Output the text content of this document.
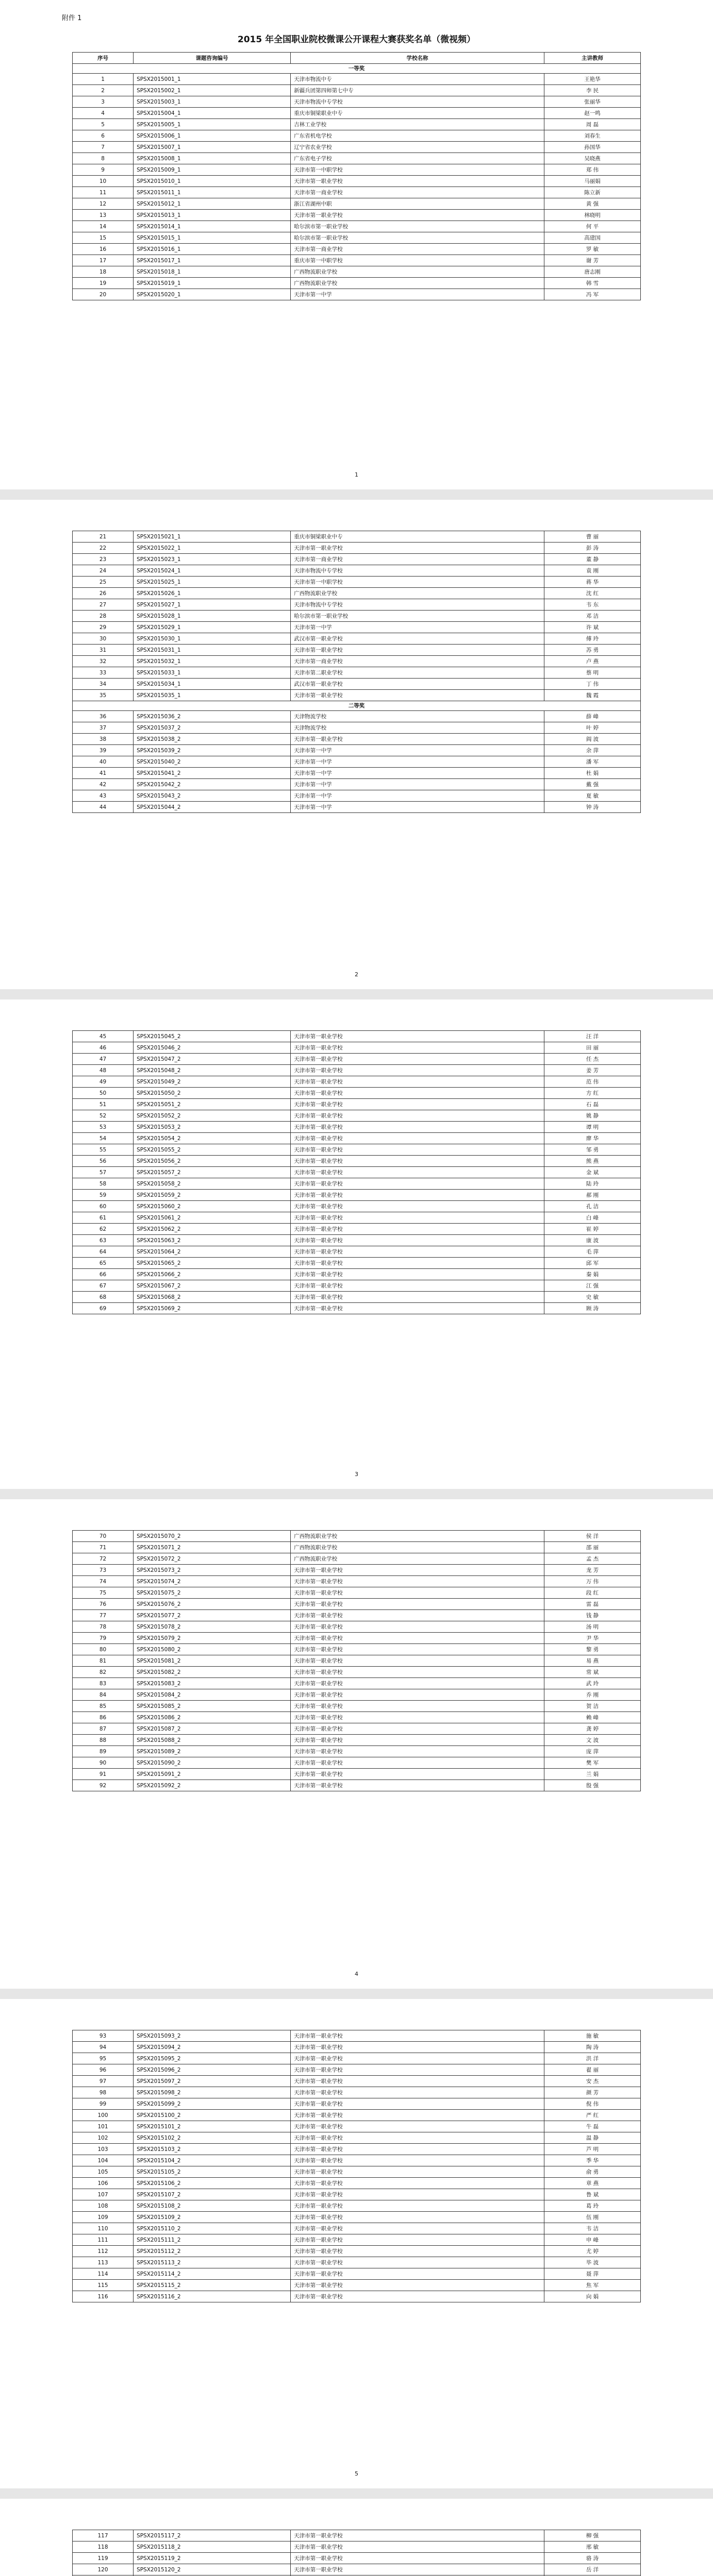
附件 1
2015 年全国职业院校微课公开课程大赛获奖名单（微视频）
序号	课题咨询编号	学校名称	主讲教师	
一等奖				
1	SPSX2015001_1	天津市物流中专	王艳华	
2	SPSX2015002_1	新疆兵团第四师第七中专	李 民	
3	SPSX2015003_1	天津市物流中专学校	张丽华	
4	SPSX2015004_1	重庆市铜梁职业中专	赵一鸣	
5	SPSX2015005_1	吉林工业学校	周 磊	
6	SPSX2015006_1	广东省机电学校	刘春生	
7	SPSX2015007_1	辽宁省农业学校	孙国华	
8	SPSX2015008_1	广东省电子学校	吴晓燕	
9	SPSX2015009_1	天津市第一中职学校	郑 伟	
10	SPSX2015010_1	天津市第一职业学校	马丽娟	
11	SPSX2015011_1	天津市第一商业学校	陈立新	
12	SPSX2015012_1	浙江省湖州中职	黄 强	
13	SPSX2015013_1	天津市第一职业学校	林晓明	
14	SPSX2015014_1	哈尔滨市第一职业学校	何 平	
15	SPSX2015015_1	哈尔滨市第一职业学校	高建国	
16	SPSX2015016_1	天津市第一商业学校	罗 敏	
17	SPSX2015017_1	重庆市第一中职学校	谢 芳	
18	SPSX2015018_1	广西物流职业学校	唐志刚	
19	SPSX2015019_1	广西物流职业学校	韩 雪	
20	SPSX2015020_1	天津市第一中学	冯 军	
1
21	SPSX2015021_1	重庆市铜梁职业中专	曹 丽	
22	SPSX2015022_1	天津市第一职业学校	彭 涛	
23	SPSX2015023_1	天津市第一商业学校	董 静	
24	SPSX2015024_1	天津市物流中专学校	袁 刚	
25	SPSX2015025_1	天津市第一中职学校	蒋 华	
26	SPSX2015026_1	广西物流职业学校	沈 红	
27	SPSX2015027_1	天津市物流中专学校	韦 东	
28	SPSX2015028_1	哈尔滨市第一职业学校	邓 洁	
29	SPSX2015029_1	天津市第一中学	许 斌	
30	SPSX2015030_1	武汉市第一职业学校	傅 玲	
31	SPSX2015031_1	天津市第一职业学校	苏 勇	
32	SPSX2015032_1	天津市第一商业学校	卢 燕	
33	SPSX2015033_1	天津市第二职业学校	蔡 明	
34	SPSX2015034_1	武汉市第一职业学校	丁 伟	
35	SPSX2015035_1	天津市第一职业学校	魏 霞	
二等奖				
36	SPSX2015036_2	天津物流学校	薛 峰	
37	SPSX2015037_2	天津物流学校	叶 婷	
38	SPSX2015038_2	天津市第一职业学校	阎 波	
39	SPSX2015039_2	天津市第一中学	余 萍	
40	SPSX2015040_2	天津市第一中学	潘 军	
41	SPSX2015041_2	天津市第一中学	杜 娟	
42	SPSX2015042_2	天津市第一中学	戴 强	
43	SPSX2015043_2	天津市第一中学	夏 敏	
44	SPSX2015044_2	天津市第一中学	钟 涛	
2
45	SPSX2015045_2	天津市第一职业学校	汪 洋	
46	SPSX2015046_2	天津市第一职业学校	田 丽	
47	SPSX2015047_2	天津市第一职业学校	任 杰	
48	SPSX2015048_2	天津市第一职业学校	姜 芳	
49	SPSX2015049_2	天津市第一职业学校	范 伟	
50	SPSX2015050_2	天津市第一职业学校	方 红	
51	SPSX2015051_2	天津市第一职业学校	石 磊	
52	SPSX2015052_2	天津市第一职业学校	姚 静	
53	SPSX2015053_2	天津市第一职业学校	谭 明	
54	SPSX2015054_2	天津市第一职业学校	廖 华	
55	SPSX2015055_2	天津市第一职业学校	邹 勇	
56	SPSX2015056_2	天津市第一职业学校	熊 燕	
57	SPSX2015057_2	天津市第一职业学校	金 斌	
58	SPSX2015058_2	天津市第一职业学校	陆 玲	
59	SPSX2015059_2	天津市第一职业学校	郝 刚	
60	SPSX2015060_2	天津市第一职业学校	孔 洁	
61	SPSX2015061_2	天津市第一职业学校	白 峰	
62	SPSX2015062_2	天津市第一职业学校	崔 婷	
63	SPSX2015063_2	天津市第一职业学校	康 波	
64	SPSX2015064_2	天津市第一职业学校	毛 萍	
65	SPSX2015065_2	天津市第一职业学校	邱 军	
66	SPSX2015066_2	天津市第一职业学校	秦 娟	
67	SPSX2015067_2	天津市第一职业学校	江 强	
68	SPSX2015068_2	天津市第一职业学校	史 敏	
69	SPSX2015069_2	天津市第一职业学校	顾 涛	
3
70	SPSX2015070_2	广西物流职业学校	侯 洋	
71	SPSX2015071_2	广西物流职业学校	邵 丽	
72	SPSX2015072_2	广西物流职业学校	孟 杰	
73	SPSX2015073_2	天津市第一职业学校	龙 芳	
74	SPSX2015074_2	天津市第一职业学校	万 伟	
75	SPSX2015075_2	天津市第一职业学校	段 红	
76	SPSX2015076_2	天津市第一职业学校	雷 磊	
77	SPSX2015077_2	天津市第一职业学校	钱 静	
78	SPSX2015078_2	天津市第一职业学校	汤 明	
79	SPSX2015079_2	天津市第一职业学校	尹 华	
80	SPSX2015080_2	天津市第一职业学校	黎 勇	
81	SPSX2015081_2	天津市第一职业学校	易 燕	
82	SPSX2015082_2	天津市第一职业学校	常 斌	
83	SPSX2015083_2	天津市第一职业学校	武 玲	
84	SPSX2015084_2	天津市第一职业学校	乔 刚	
85	SPSX2015085_2	天津市第一职业学校	贺 洁	
86	SPSX2015086_2	天津市第一职业学校	赖 峰	
87	SPSX2015087_2	天津市第一职业学校	龚 婷	
88	SPSX2015088_2	天津市第一职业学校	文 波	
89	SPSX2015089_2	天津市第一职业学校	庞 萍	
90	SPSX2015090_2	天津市第一职业学校	樊 军	
91	SPSX2015091_2	天津市第一职业学校	兰 娟	
92	SPSX2015092_2	天津市第一职业学校	殷 强	
4
93	SPSX2015093_2	天津市第一职业学校	施 敏	
94	SPSX2015094_2	天津市第一职业学校	陶 涛	
95	SPSX2015095_2	天津市第一职业学校	洪 洋	
96	SPSX2015096_2	天津市第一职业学校	翟 丽	
97	SPSX2015097_2	天津市第一职业学校	安 杰	
98	SPSX2015098_2	天津市第一职业学校	颜 芳	
99	SPSX2015099_2	天津市第一职业学校	倪 伟	
100	SPSX2015100_2	天津市第一职业学校	严 红	
101	SPSX2015101_2	天津市第一职业学校	牛 磊	
102	SPSX2015102_2	天津市第一职业学校	温 静	
103	SPSX2015103_2	天津市第一职业学校	芦 明	
104	SPSX2015104_2	天津市第一职业学校	季 华	
105	SPSX2015105_2	天津市第一职业学校	俞 勇	
106	SPSX2015106_2	天津市第一职业学校	章 燕	
107	SPSX2015107_2	天津市第一职业学校	鲁 斌	
108	SPSX2015108_2	天津市第一职业学校	葛 玲	
109	SPSX2015109_2	天津市第一职业学校	伍 刚	
110	SPSX2015110_2	天津市第一职业学校	韦 洁	
111	SPSX2015111_2	天津市第一职业学校	申 峰	
112	SPSX2015112_2	天津市第一职业学校	尤 婷	
113	SPSX2015113_2	天津市第一职业学校	毕 波	
114	SPSX2015114_2	天津市第一职业学校	聂 萍	
115	SPSX2015115_2	天津市第一职业学校	焦 军	
116	SPSX2015116_2	天津市第一职业学校	向 娟	
5
117	SPSX2015117_2	天津市第一职业学校	柳 强	
118	SPSX2015118_2	天津市第一职业学校	邢 敏	
119	SPSX2015119_2	天津市第一职业学校	骆 涛	
120	SPSX2015120_2	天津市第一职业学校	岳 洋	
